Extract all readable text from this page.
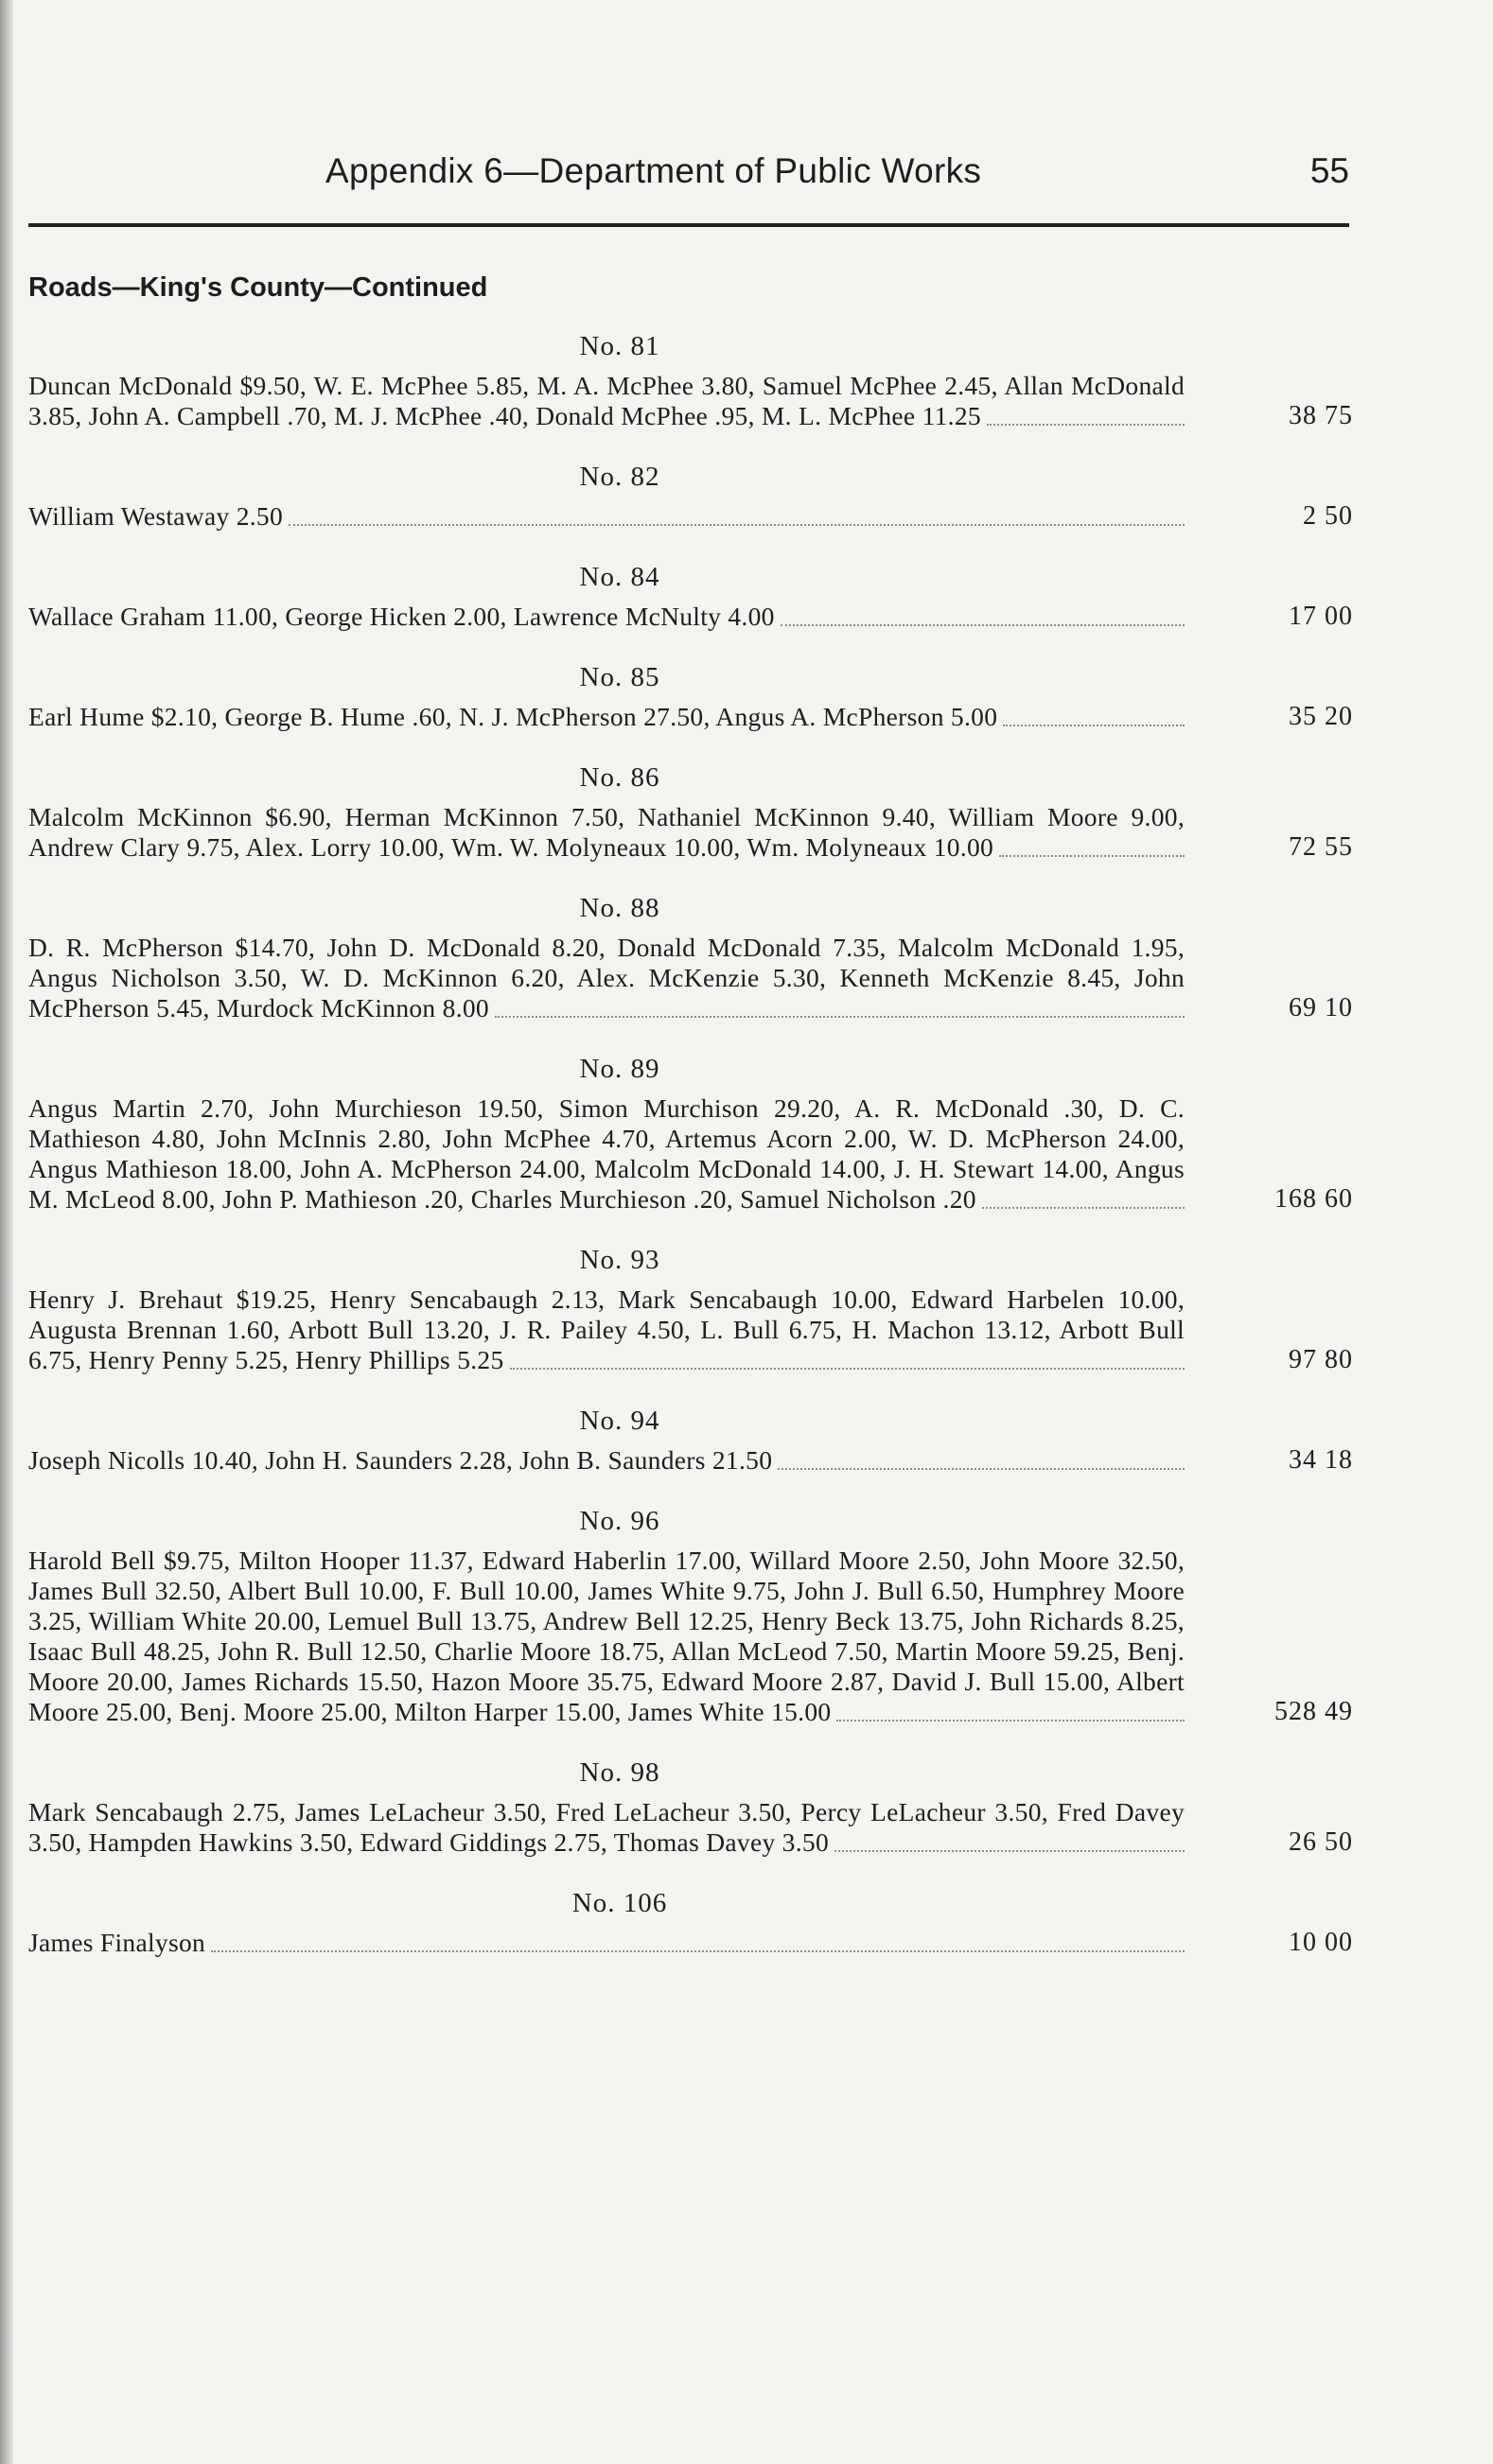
Appendix 6—Department of Public Works	55
Roads—King's County—Continued
No. 81
Duncan McDonald $9.50, W. E. McPhee 5.85, M. A. McPhee 3.80, Samuel McPhee 2.45, Allan McDonald 3.85, John A. Campbell .70, M. J. McPhee .40, Donald McPhee .95, M. L. McPhee 11.25	38 75
No. 82
William Westaway 2.50	2 50
No. 84
Wallace Graham 11.00, George Hicken 2.00, Lawrence McNulty 4.00	17 00
No. 85
Earl Hume $2.10, George B. Hume .60, N. J. McPherson 27.50, Angus A. McPherson 5.00	35 20
No. 86
Malcolm McKinnon $6.90, Herman McKinnon 7.50, Nathaniel McKinnon 9.40, William Moore 9.00, Andrew Clary 9.75, Alex. Lorry 10.00, Wm. W. Molyneaux 10.00, Wm. Molyneaux 10.00	72 55
No. 88
D. R. McPherson $14.70, John D. McDonald 8.20, Donald McDonald 7.35, Malcolm McDonald 1.95, Angus Nicholson 3.50, W. D. McKinnon 6.20, Alex. McKenzie 5.30, Kenneth McKenzie 8.45, John McPherson 5.45, Murdock McKinnon 8.00	69 10
No. 89
Angus Martin 2.70, John Murchieson 19.50, Simon Murchison 29.20, A. R. McDonald .30, D. C. Mathieson 4.80, John McInnis 2.80, John McPhee 4.70, Artemus Acorn 2.00, W. D. McPherson 24.00, Angus Mathieson 18.00, John A. McPherson 24.00, Malcolm McDonald 14.00, J. H. Stewart 14.00, Angus M. McLeod 8.00, John P. Mathieson .20, Charles Murchieson .20, Samuel Nicholson .20	168 60
No. 93
Henry J. Brehaut $19.25, Henry Sencabaugh 2.13, Mark Sencabaugh 10.00, Edward Harbelen 10.00, Augusta Brennan 1.60, Arbott Bull 13.20, J. R. Pailey 4.50, L. Bull 6.75, H. Machon 13.12, Arbott Bull 6.75, Henry Penny 5.25, Henry Phillips 5.25	97 80
No. 94
Joseph Nicolls 10.40, John H. Saunders 2.28, John B. Saunders 21.50	34 18
No. 96
Harold Bell $9.75, Milton Hooper 11.37, Edward Haberlin 17.00, Willard Moore 2.50, John Moore 32.50, James Bull 32.50, Albert Bull 10.00, F. Bull 10.00, James White 9.75, John J. Bull 6.50, Humphrey Moore 3.25, William White 20.00, Lemuel Bull 13.75, Andrew Bell 12.25, Henry Beck 13.75, John Richards 8.25, Isaac Bull 48.25, John R. Bull 12.50, Charlie Moore 18.75, Allan McLeod 7.50, Martin Moore 59.25, Benj. Moore 20.00, James Richards 15.50, Hazon Moore 35.75, Edward Moore 2.87, David J. Bull 15.00, Albert Moore 25.00, Benj. Moore 25.00, Milton Harper 15.00, James White 15.00	528 49
No. 98
Mark Sencabaugh 2.75, James LeLacheur 3.50, Fred LeLacheur 3.50, Percy LeLacheur 3.50, Fred Davey 3.50, Hampden Hawkins 3.50, Edward Giddings 2.75, Thomas Davey 3.50	26 50
No. 106
James Finalyson	10 00
